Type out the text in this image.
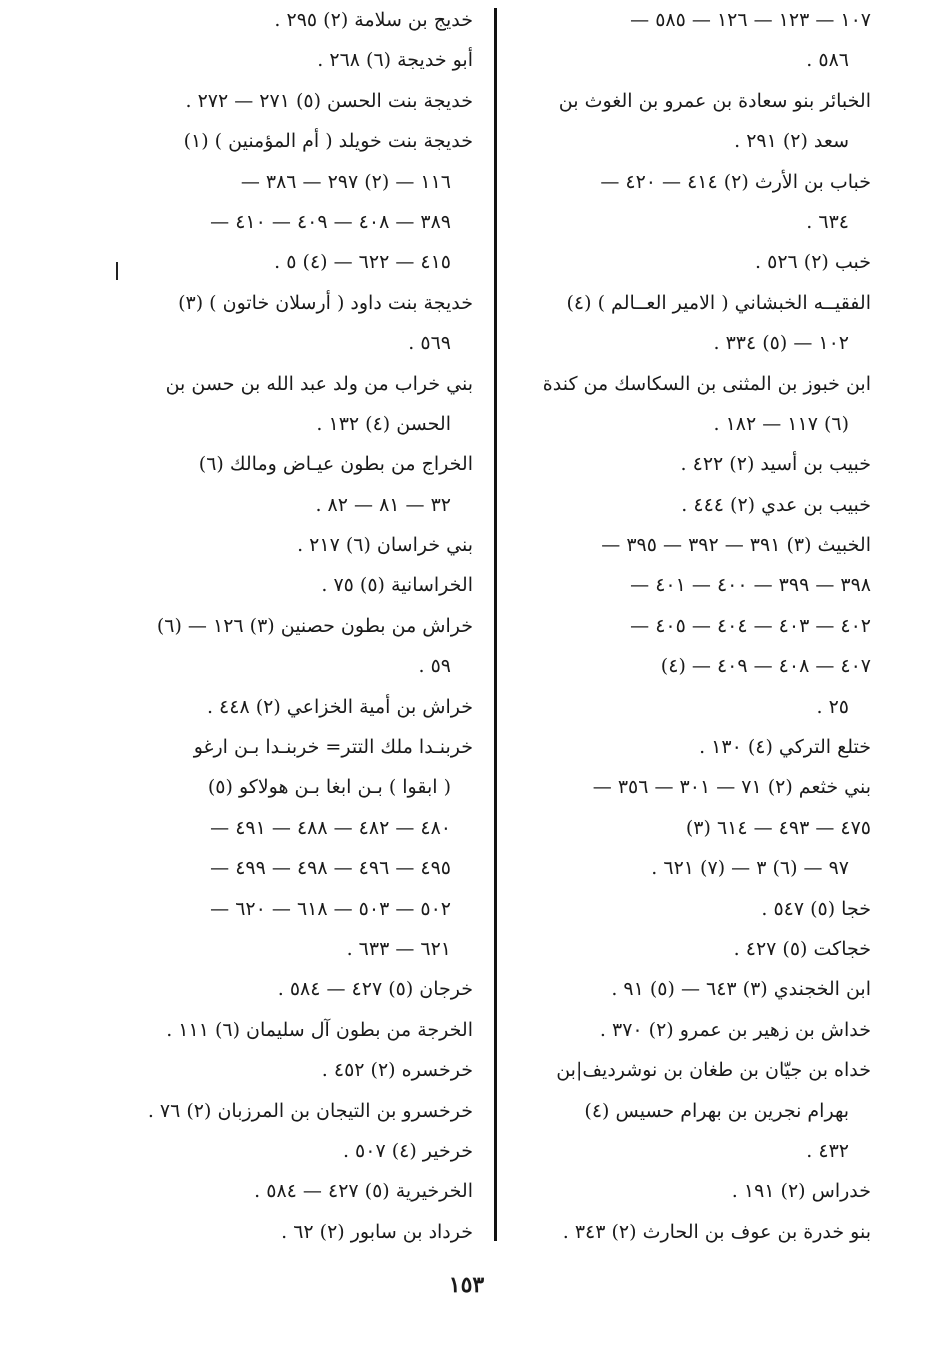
١٠٧ — ١٢٣ — ١٢٦ — ٥٨٥ —
٥٨٦ .
الخبائر بنو سعادة بن عمرو بن الغوث بن
سعد (٢) ٢٩١ .
خباب بن الأرث (٢) ٤١٤ — ٤٢٠ —
٦٣٤ .
خبب (٢) ٥٢٦ .
الفقيــه الخبشاني ( الامير العــالم ) (٤)
١٠٢ — (٥) ٣٣٤ .
ابن خبوز بن المثنى بن السكاسك من كندة
(٦) ١١٧ — ١٨٢ .
خبيب بن أسيد (٢) ٤٢٢ .
خبيب بن عدي (٢) ٤٤٤ .
الخبيث (٣) ٣٩١ — ٣٩٢ — ٣٩٥ —
٣٩٨ — ٣٩٩ — ٤٠٠ — ٤٠١ —
٤٠٢ — ٤٠٣ — ٤٠٤ — ٤٠٥ —
٤٠٧ — ٤٠٨ — ٤٠٩ — (٤)
٢٥ .
ختلع التركي (٤) ١٣٠ .
بني خثعم (٢) ٧١ — ٣٠١ — ٣٥٦ —
٤٧٥ — ٤٩٣ — ٦١٤ (٣)
٩٧ — (٦) ٣ — (٧) ٦٢١ .
خجا (٥) ٥٤٧ .
خجاكت (٥) ٤٢٧ .
ابن الخجندي (٣) ٦٤٣ — (٥) ٩١ .
خداش بن زهير بن عمرو (٢) ٣٧٠ .
خداه بن جيّان بن طغان بن نوشرديف|بن
بهرام نجرين بن بهرام حسيس (٤)
٤٣٢ .
خدراس (٢) ١٩١ .
بنو خدرة بن عوف بن الحارث (٢) ٣٤٣ .
خديج بن سلامة (٢) ٢٩٥ .
أبو خديجة (٦) ٢٦٨ .
خديجة بنت الحسن (٥) ٢٧١ — ٢٧٢ .
خديجة بنت خويلد ( أم المؤمنين ) (١)
١١٦ — (٢) ٢٩٧ — ٣٨٦ —
٣٨٩ — ٤٠٨ — ٤٠٩ — ٤١٠ —
٤١٥ — ٦٢٢ — (٤) ٥ .
خديجة بنت داود ( أرسلان خاتون ) (٣)
٥٦٩ .
بني خراب من ولد عبد الله بن حسن بن
الحسن (٤) ١٣٢ .
الخراج من بطون عيـاض ومالك (٦)
٣٢ — ٨١ — ٨٢ .
بني خراسان (٦) ٢١٧ .
الخراسانية (٥) ٧٥ .
خراش من بطون حصنين (٣) ١٢٦ — (٦)
٥٩ .
خراش بن أمية الخزاعي (٢) ٤٤٨ .
خربنـدا ملك التتر= خربنـدا بـن ارغو
( ابقوا ) بـن ابغا بـن هولاكو (٥)
٤٨٠ — ٤٨٢ — ٤٨٨ — ٤٩١ —
٤٩٥ — ٤٩٦ — ٤٩٨ — ٤٩٩ —
٥٠٢ — ٥٠٣ — ٦١٨ — ٦٢٠ —
٦٢١ — ٦٣٣ .
خرجان (٥) ٤٢٧ — ٥٨٤ .
الخرجة من بطون آل سليمان (٦) ١١١ .
خرخسره (٢) ٤٥٢ .
خرخسرو بن التيجان بن المرزبان (٢) ٧٦ .
خرخير (٤) ٥٠٧ .
الخرخيرية (٥) ٤٢٧ — ٥٨٤ .
خرداد بن سابور (٢) ٦٢ .
١٥٣
